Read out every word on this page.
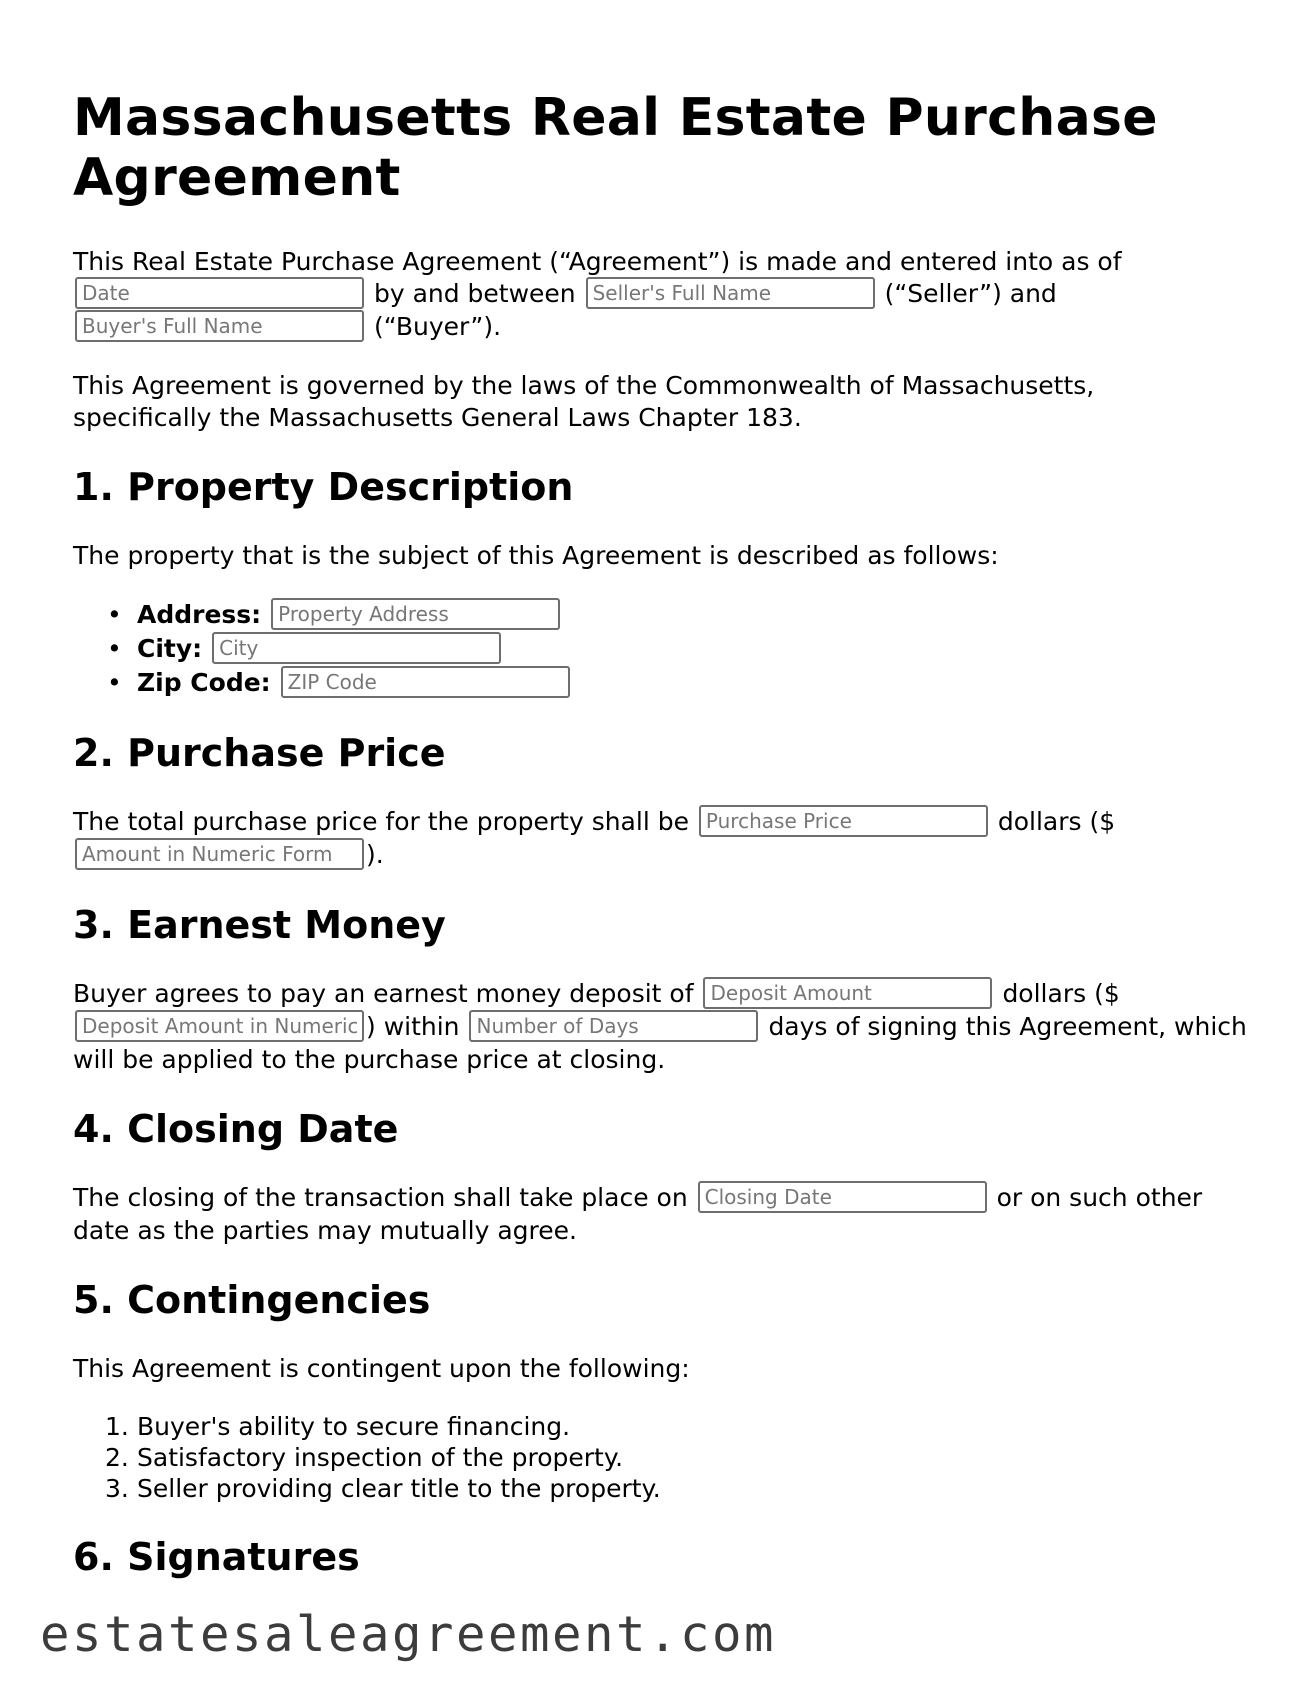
Massachusetts Real Estate Purchase Agreement

This Real Estate Purchase Agreement (“Agreement”) is made and entered into as of
Date by and between Seller's Full Name	(“Seller”) and
Buyer's Full Name (“Buyer”).

This Agreement is governed by the laws of the Commonwealth of Massachusetts, specifically the Massachusetts General Laws Chapter 183.

1. Property Description

The property that is the subject of this Agreement is described as follows:

• Address: Property Address
• City: City
• Zip Code: ZIP Code
2. Purchase Price

The total purchase price for the property shall be Purchase Price	dollars ($
Amount in Numeric Form).

3. Earnest Money

Buyer agrees to pay an earnest money deposit of Deposit Amount	dollars ($
Deposit Amount in Numeric Form) within Number of Days	days of signing this Agreement, which will be applied to the purchase price at closing.

4. Closing Date

The closing of the transaction shall take place on Closing Date	or on such other date as the parties may mutually agree.

5. Contingencies

This Agreement is contingent upon the following:

1. Buyer's ability to secure financing.
2. Satisfactory inspection of the property.
3. Seller providing clear title to the property.
6. Signatures
estatesaleagreement.com
